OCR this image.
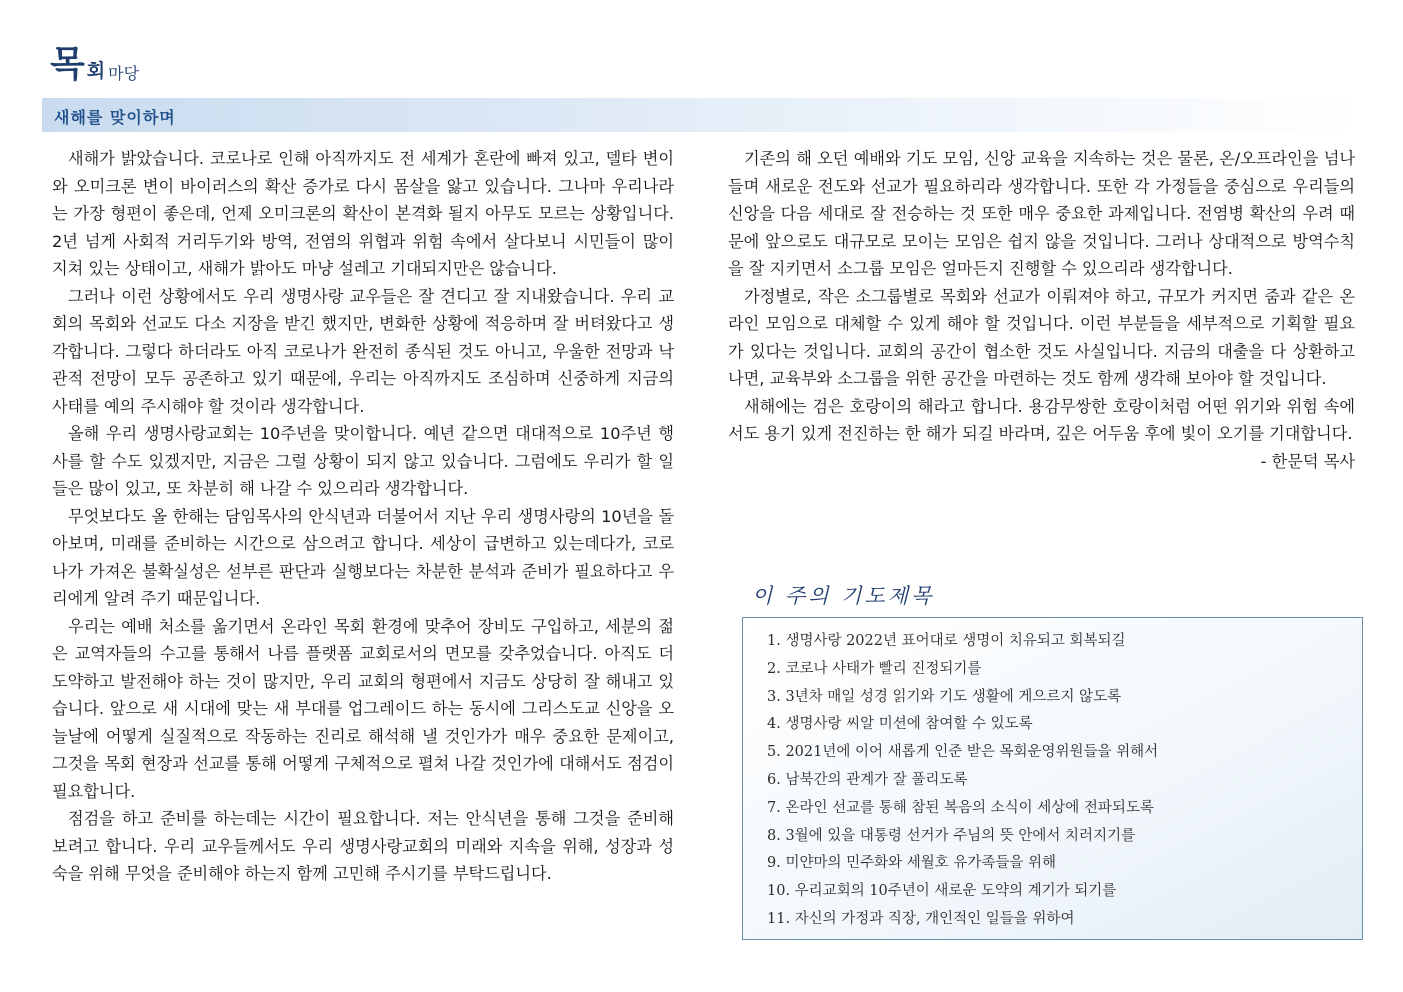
목 회 마당
새해를 맞이하며

새해가 밝았습니다. 코로나로 인해 아직까지도 전 세계가 혼란에 빠져 있고, 델타 변이와 오미크론 변이 바이러스의 확산 증가로 다시 몸살을 앓고 있습니다. 그나마 우리나라는 가장 형편이 좋은데, 언제 오미크론의 확산이 본격화 될지 아무도 모르는 상황입니다. 2년 넘게 사회적 거리두기와 방역, 전염의 위협과 위험 속에서 살다보니 시민들이 많이 지쳐 있는 상태이고, 새해가 밝아도 마냥 설레고 기대되지만은 않습니다.

그러나 이런 상황에서도 우리 생명사랑 교우들은 잘 견디고 잘 지내왔습니다. 우리 교회의 목회와 선교도 다소 지장을 받긴 했지만, 변화한 상황에 적응하며 잘 버텨왔다고 생각합니다. 그렇다 하더라도 아직 코로나가 완전히 종식된 것도 아니고, 우울한 전망과 낙관적 전망이 모두 공존하고 있기 때문에, 우리는 아직까지도 조심하며 신중하게 지금의 사태를 예의 주시해야 할 것이라 생각합니다.

올해 우리 생명사랑교회는 10주년을 맞이합니다. 예년 같으면 대대적으로 10주년 행사를 할 수도 있겠지만, 지금은 그럴 상황이 되지 않고 있습니다. 그럼에도 우리가 할 일들은 많이 있고, 또 차분히 해 나갈 수 있으리라 생각합니다.

무엇보다도 올 한해는 담임목사의 안식년과 더불어서 지난 우리 생명사랑의 10년을 돌아보며, 미래를 준비하는 시간으로 삼으려고 합니다. 세상이 급변하고 있는데다가, 코로나가 가져온 불확실성은 섣부른 판단과 실행보다는 차분한 분석과 준비가 필요하다고 우리에게 알려 주기 때문입니다.

우리는 예배 처소를 옮기면서 온라인 목회 환경에 맞추어 장비도 구입하고, 세분의 젊은 교역자들의 수고를 통해서 나름 플랫폼 교회로서의 면모를 갖추었습니다. 아직도 더 도약하고 발전해야 하는 것이 많지만, 우리 교회의 형편에서 지금도 상당히 잘 해내고 있습니다. 앞으로 새 시대에 맞는 새 부대를 업그레이드 하는 동시에 그리스도교 신앙을 오늘날에 어떻게 실질적으로 작동하는 진리로 해석해 낼 것인가가 매우 중요한 문제이고, 그것을 목회 현장과 선교를 통해 어떻게 구체적으로 펼쳐 나갈 것인가에 대해서도 점검이 필요합니다.

점검을 하고 준비를 하는데는 시간이 필요합니다. 저는 안식년을 통해 그것을 준비해 보려고 합니다. 우리 교우들께서도 우리 생명사랑교회의 미래와 지속을 위해, 성장과 성숙을 위해 무엇을 준비해야 하는지 함께 고민해 주시기를 부탁드립니다.

기존의 해 오던 예배와 기도 모임, 신앙 교육을 지속하는 것은 물론, 온/오프라인을 넘나들며 새로운 전도와 선교가 필요하리라 생각합니다. 또한 각 가정들을 중심으로 우리들의 신앙을 다음 세대로 잘 전승하는 것 또한 매우 중요한 과제입니다. 전염병 확산의 우려 때문에 앞으로도 대규모로 모이는 모임은 쉽지 않을 것입니다. 그러나 상대적으로 방역수칙을 잘 지키면서 소그룹 모임은 얼마든지 진행할 수 있으리라 생각합니다.

가정별로, 작은 소그룹별로 목회와 선교가 이뤄져야 하고, 규모가 커지면 줌과 같은 온라인 모임으로 대체할 수 있게 해야 할 것입니다. 이런 부분들을 세부적으로 기획할 필요가 있다는 것입니다. 교회의 공간이 협소한 것도 사실입니다. 지금의 대출을 다 상환하고 나면, 교육부와 소그룹을 위한 공간을 마련하는 것도 함께 생각해 보아야 할 것입니다.

새해에는 검은 호랑이의 해라고 합니다. 용감무쌍한 호랑이처럼 어떤 위기와 위험 속에서도 용기 있게 전진하는 한 해가 되길 바라며, 깊은 어두움 후에 빛이 오기를 기대합니다.

- 한문덕 목사

이 주의 기도제목
1. 생명사랑 2022년 표어대로 생명이 치유되고 회복되길
2. 코로나 사태가 빨리 진정되기를
3. 3년차 매일 성경 읽기와 기도 생활에 게으르지 않도록
4. 생명사랑 씨알 미션에 참여할 수 있도록
5. 2021년에 이어 새롭게 인준 받은 목회운영위원들을 위해서
6. 남북간의 관계가 잘 풀리도록
7. 온라인 선교를 통해 참된 복음의 소식이 세상에 전파되도록
8. 3월에 있을 대통령 선거가 주님의 뜻 안에서 치러지기를
9. 미얀마의 민주화와 세월호 유가족들을 위해
10. 우리교회의 10주년이 새로운 도약의 계기가 되기를
11. 자신의 가정과 직장, 개인적인 일들을 위하여
